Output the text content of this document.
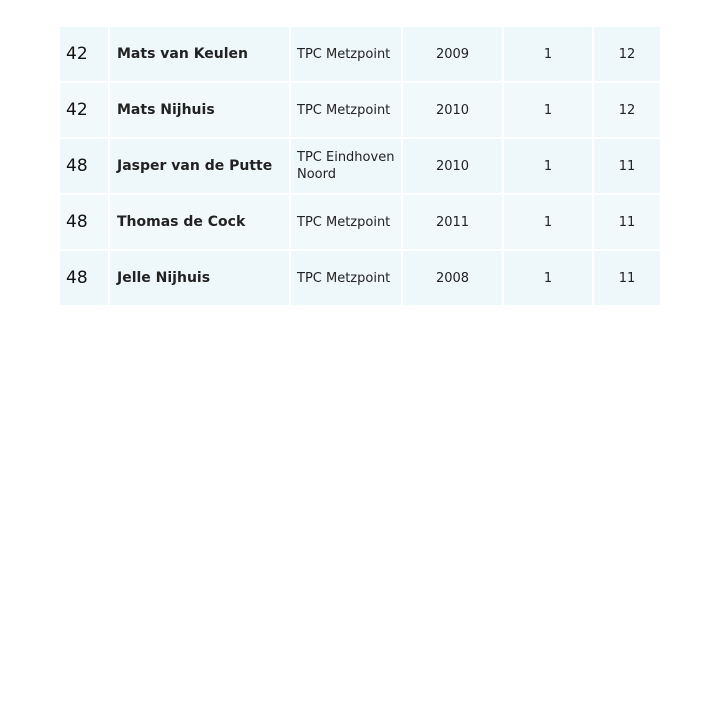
42	Mats van Keulen	TPC Metzpoint	2009	1	12
42	Mats Nijhuis	TPC Metzpoint	2010	1	12
48	Jasper van de Putte	TPC Eindhoven Noord	2010	1	11
48	Thomas de Cock	TPC Metzpoint	2011	1	11
48	Jelle Nijhuis	TPC Metzpoint	2008	1	11
